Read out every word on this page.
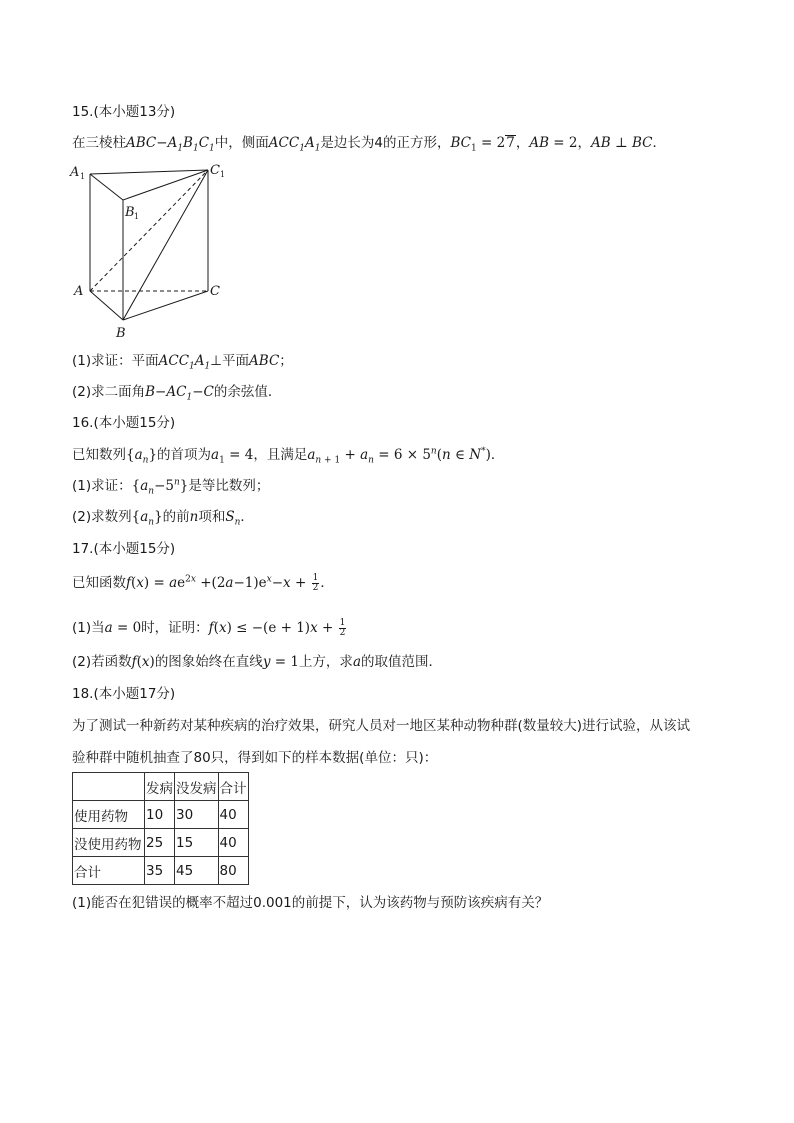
15.(本小题13分)
在三棱柱$ABC-A_1B_1C_1$中，侧面$ACC_1A_1$是边长为4的正方形，$BC_1 = 27$，AB = 2，AB ⊥ BC．
A 1	C 1
B 1
A	C
B
(1)求证：平面$ACC_1A_1\perp$平面ABC；
(2)求二面角$B-AC_1-C$的余弦值．
16.(本小题15分)
已知数列$\{a_n\}$的首项为$a_1 = 4$，且满足$a_{n + 1} + a_n = 6 \times 5^n(n$ ∈ N*)．
(1)求证：$\{a_n-5^n\}$是等比数列；
(2)求数列$\{a_n\}$的前n项和$S_n$．
17.(本小题15分)
已知函数$f(x) = ae^{2x} +(2a-1)e^x-x + \frac{1}{2}$ ．
(1)当a = 0时，证明：$f(x) \le -(e + 1)x + \frac{1}{2}$
(2)若函数f(x)的图象始终在直线y = 1上方，求a的取值范围．
18.(本小题17分)
为了测试一种新药对某种疾病的治疗效果，研究人员对一地区某种动物种群(数量较大)进行试验，从该试
验种群中随机抽查了80只，得到如下的样本数据(单位：只)：
	发病	没发病	合计
使用药物	10	30	40
没使用药物	25	15	40
合计	35	45	80
(1)能否在犯错误的概率不超过0.001的前提下，认为该药物与预防该疾病有关？
